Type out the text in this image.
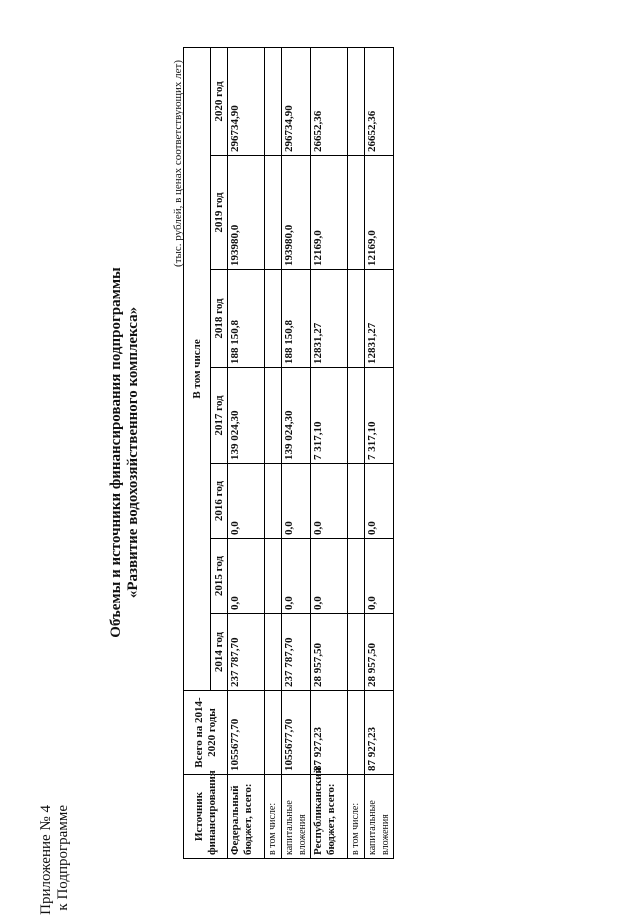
Приложение № 4 к Подпрограмме
Объемы и источники финансирования подпрограммы «Развитие водохозяйственного комплекса»
(тыс. рублей, в ценах соответствующих лет)
Источник финансирования	Всего на 2014-2020 годы	В том числе						
		2014 год	2015 год	2016 год	2017 год	2018 год	2019 год	2020 год
Федеральный бюджет, всего:	1055677,70	237 787,70	0,0	0,0	139 024,30	188 150,8	193980,0	296734,90
в том числе:								
капитальные вложения	1055677,70	237 787,70	0,0	0,0	139 024,30	188 150,8	193980,0	296734,90
Республиканский бюджет, всего:	87 927,23	28 957,50	0,0	0,0	7 317,10	12831,27	12169,0	26652,36
в том числе:								
капитальные вложения	87 927,23	28 957,50	0,0	0,0	7 317,10	12831,27	12169,0	26652,36
